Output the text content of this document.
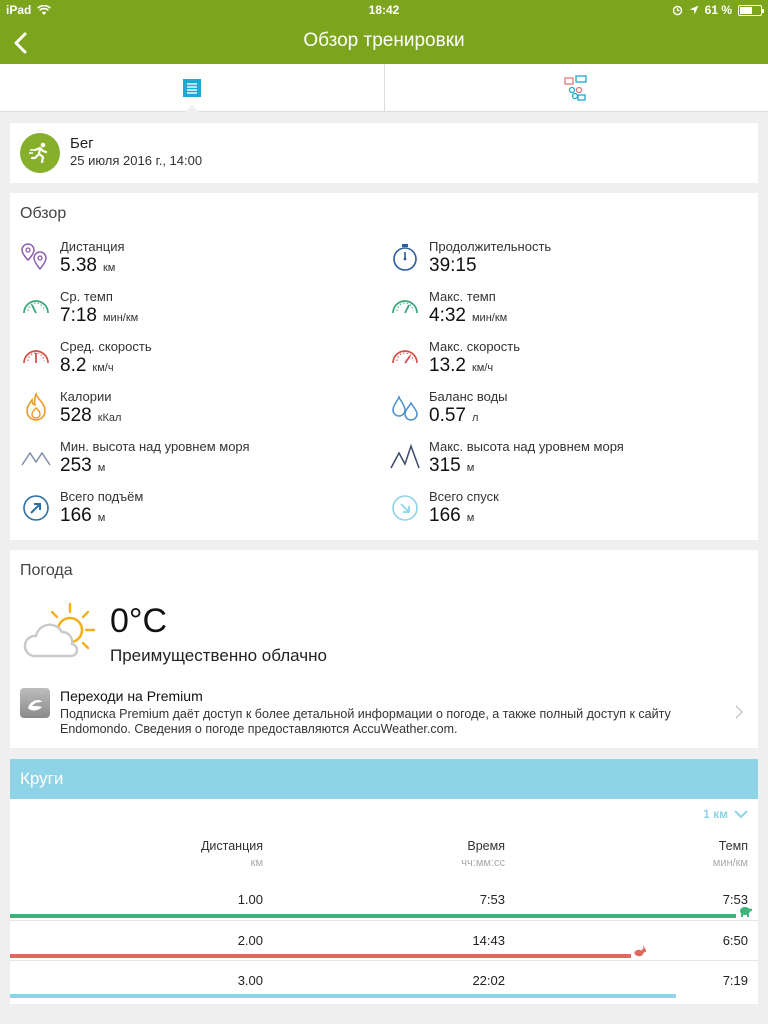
iPad	18:42	61 %
Обзор тренировки
Бег
25 июля 2016 г., 14:00
Обзор
Дистанция
5.38 км
Продолжительность
39:15
Ср. темп
7:18 мин/км
Макс. темп
4:32 мин/км
Сред. скорость
8.2 км/ч
Макс. скорость
13.2 км/ч
Калории
528 кКал
Баланс воды
0.57 л
Мин. высота над уровнем моря
253 м
Макс. высота над уровнем моря
315 м
Всего подъём
166 м
Всего спуск
166 м
Погода
0°C
Преимущественно облачно
Переходи на Premium
Подписка Premium даёт доступ к более детальной информации о погоде, а также полный доступ к сайту Endomondo. Сведения о погоде предоставляются AccuWeather.com.
Круги
1 км
Дистанция
км
Время
чч:мм:сс
Темп
мин/км
1.00	7:53	7:53
2.00	14:43	6:50
3.00	22:02	7:19
